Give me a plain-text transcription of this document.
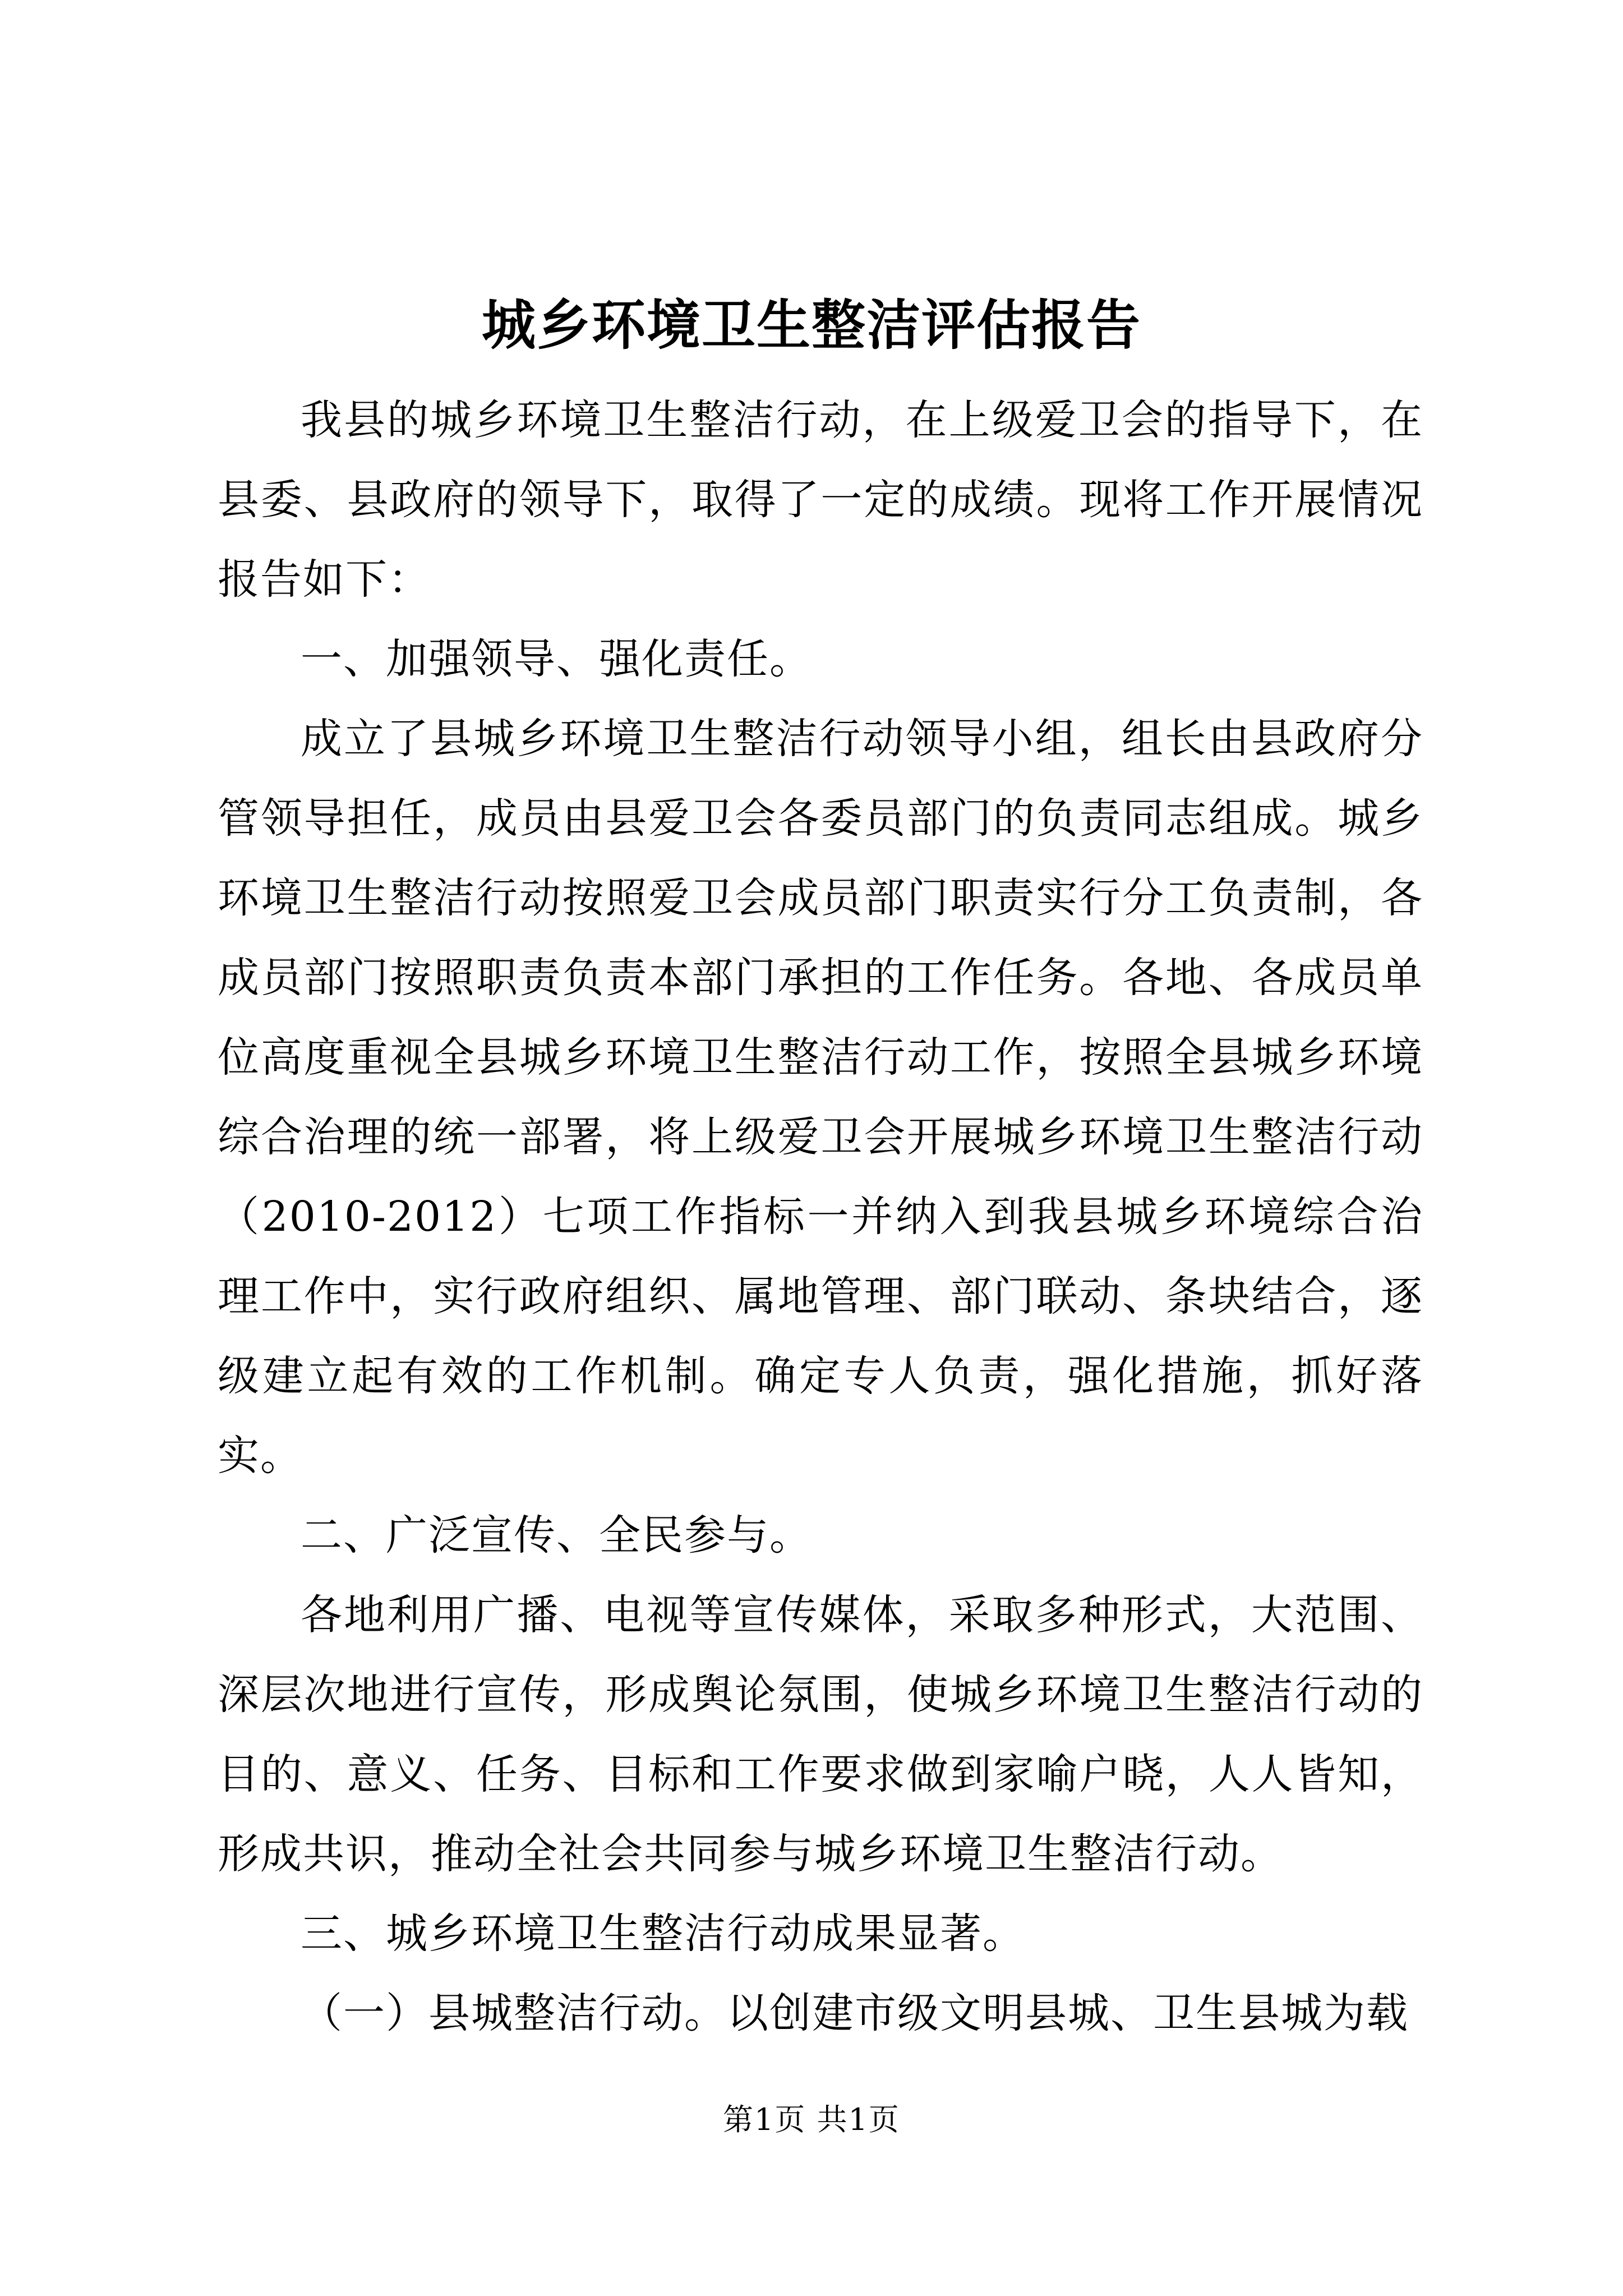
城乡环境卫生整洁评估报告

我县的城乡环境卫生整洁行动，在上级爱卫会的指导下，在县委、县政府的领导下，取得了一定的成绩。现将工作开展情况报告如下：

一、加强领导、强化责任。

成立了县城乡环境卫生整洁行动领导小组，组长由县政府分管领导担任，成员由县爱卫会各委员部门的负责同志组成。城乡环境卫生整洁行动按照爱卫会成员部门职责实行分工负责制，各成员部门按照职责负责本部门承担的工作任务。各地、各成员单位高度重视全县城乡环境卫生整洁行动工作，按照全县城乡环境综合治理的统一部署，将上级爱卫会开展城乡环境卫生整洁行动（2010-2012）七项工作指标一并纳入到我县城乡环境综合治理工作中，实行政府组织、属地管理、部门联动、条块结合，逐级建立起有效的工作机制。确定专人负责，强化措施，抓好落实。

二、广泛宣传、全民参与。

各地利用广播、电视等宣传媒体，采取多种形式，大范围、深层次地进行宣传，形成舆论氛围，使城乡环境卫生整洁行动的目的、意义、任务、目标和工作要求做到家喻户晓，人人皆知，形成共识，推动全社会共同参与城乡环境卫生整洁行动。

三、城乡环境卫生整洁行动成果显著。

（一）县城整洁行动。以创建市级文明县城、卫生县城为载

第1页 共1页
